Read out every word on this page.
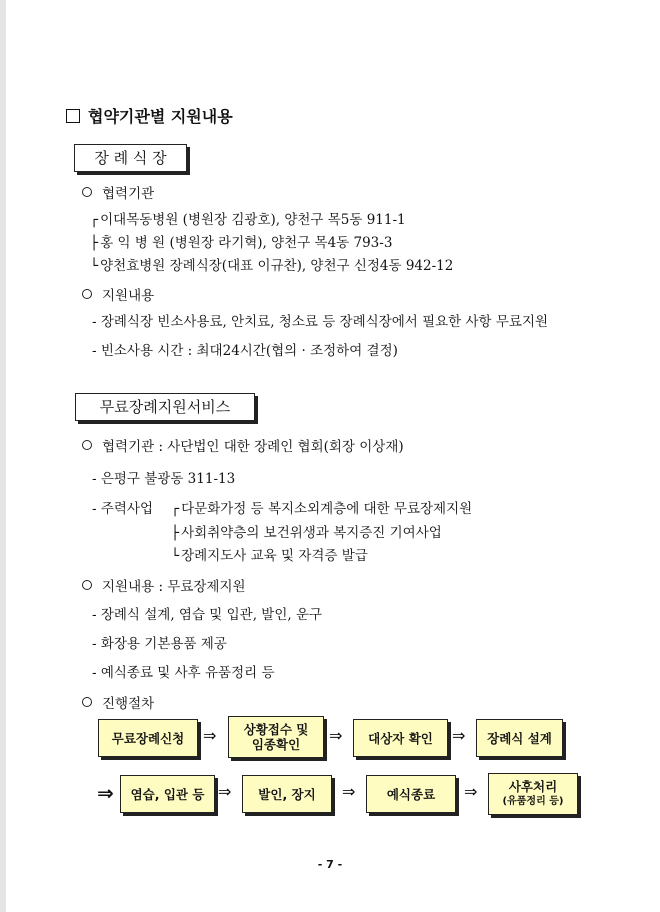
협약기관별 지원내용
장 례 식 장
협력기관
┌ 이대목동병원 (병원장 김광호), 양천구 목5동 911-1
├ 홍 익 병 원 (병원장 라기혁), 양천구 목4동 793-3
└ 양천효병원 장례식장(대표 이규찬), 양천구 신정4동 942-12
지원내용
- 장례식장 빈소사용료, 안치료, 청소료 등 장례식장에서 필요한 사항 무료지원
- 빈소사용 시간 : 최대24시간(협의 · 조정하여 결정)
무료장례지원서비스
협력기관 : 사단법인 대한 장례인 협회(회장 이상재)
- 은평구 불광동 311-13
- 주력사업 ┌ 다문화가정 등 복지소외계층에 대한 무료장제지원
├ 사회취약층의 보건위생과 복지증진 기여사업
└ 장례지도사 교육 및 자격증 발급
지원내용 : 무료장제지원
- 장례식 설계, 염습 및 입관, 발인, 운구
- 화장용 기본용품 제공
- 예식종료 및 사후 유품정리 등
진행절차
무료장례신청 ⇒ 상황접수 및
임종확인 ⇒ 대상자 확인 ⇒ 장례식 설계
⇒ 염습, 입관 등 ⇒ 발인, 장지 ⇒	예식종료 ⇒	사후처리
(유품정리 등)
- 7 -
